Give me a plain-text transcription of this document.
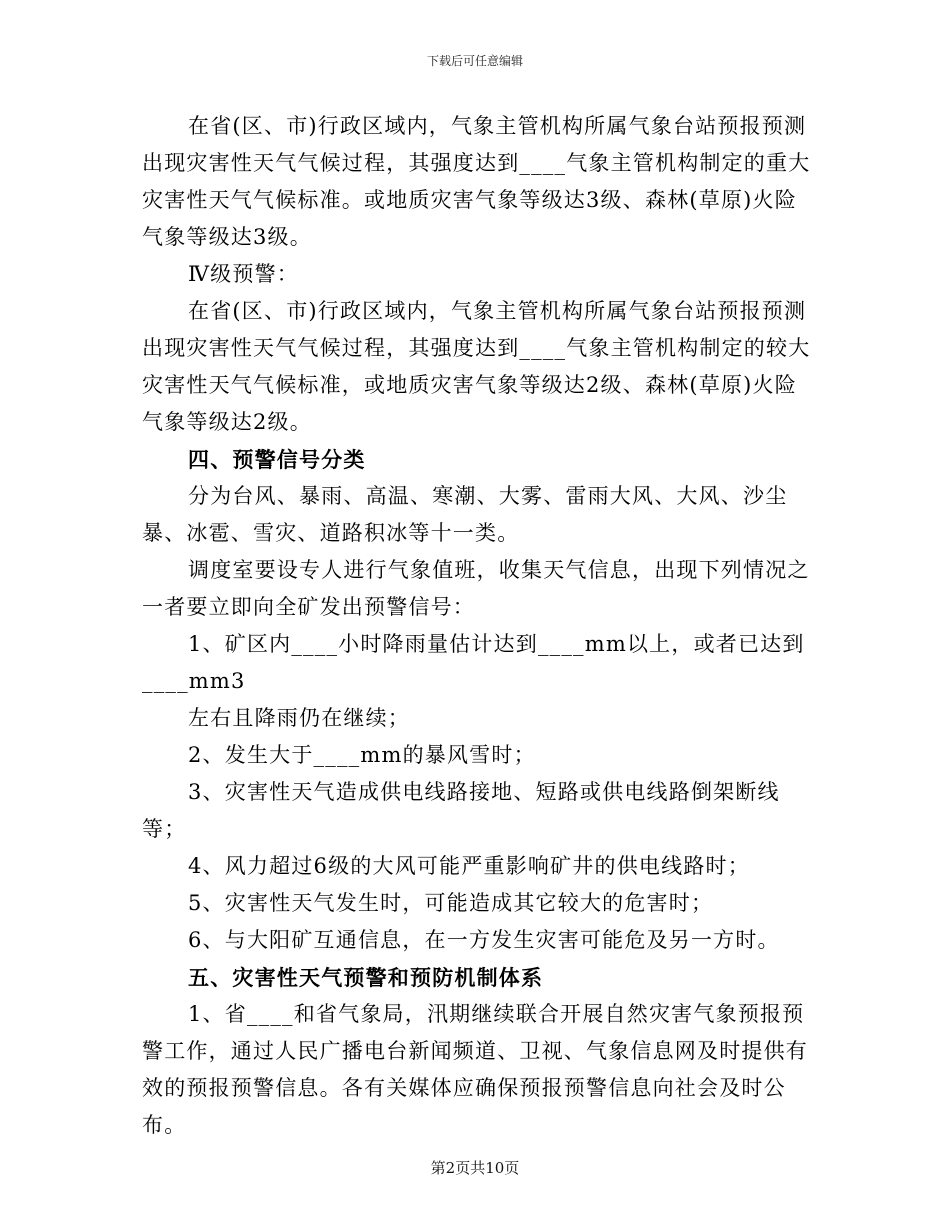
下载后可任意编辑

在省(区、市)行政区域内，气象主管机构所属气象台站预报预测出现灾害性天气气候过程，其强度达到____气象主管机构制定的重大灾害性天气气候标准。或地质灾害气象等级达3级、森林(草原)火险气象等级达3级。

Ⅳ级预警：

在省(区、市)行政区域内，气象主管机构所属气象台站预报预测出现灾害性天气气候过程，其强度达到____气象主管机构制定的较大灾害性天气气候标准，或地质灾害气象等级达2级、森林(草原)火险气象等级达2级。

四、预警信号分类

分为台风、暴雨、高温、寒潮、大雾、雷雨大风、大风、沙尘暴、冰雹、雪灾、道路积冰等十一类。

调度室要设专人进行气象值班，收集天气信息，出现下列情况之一者要立即向全矿发出预警信号：

1、矿区内____小时降雨量估计达到____mm以上，或者已达到____mm3

左右且降雨仍在继续；

2、发生大于____mm的暴风雪时；

3、灾害性天气造成供电线路接地、短路或供电线路倒架断线等；

4、风力超过6级的大风可能严重影响矿井的供电线路时；

5、灾害性天气发生时，可能造成其它较大的危害时；

6、与大阳矿互通信息，在一方发生灾害可能危及另一方时。

五、灾害性天气预警和预防机制体系

1、省____和省气象局，汛期继续联合开展自然灾害气象预报预警工作，通过人民广播电台新闻频道、卫视、气象信息网及时提供有效的预报预警信息。各有关媒体应确保预报预警信息向社会及时公布。

第2页共10页
